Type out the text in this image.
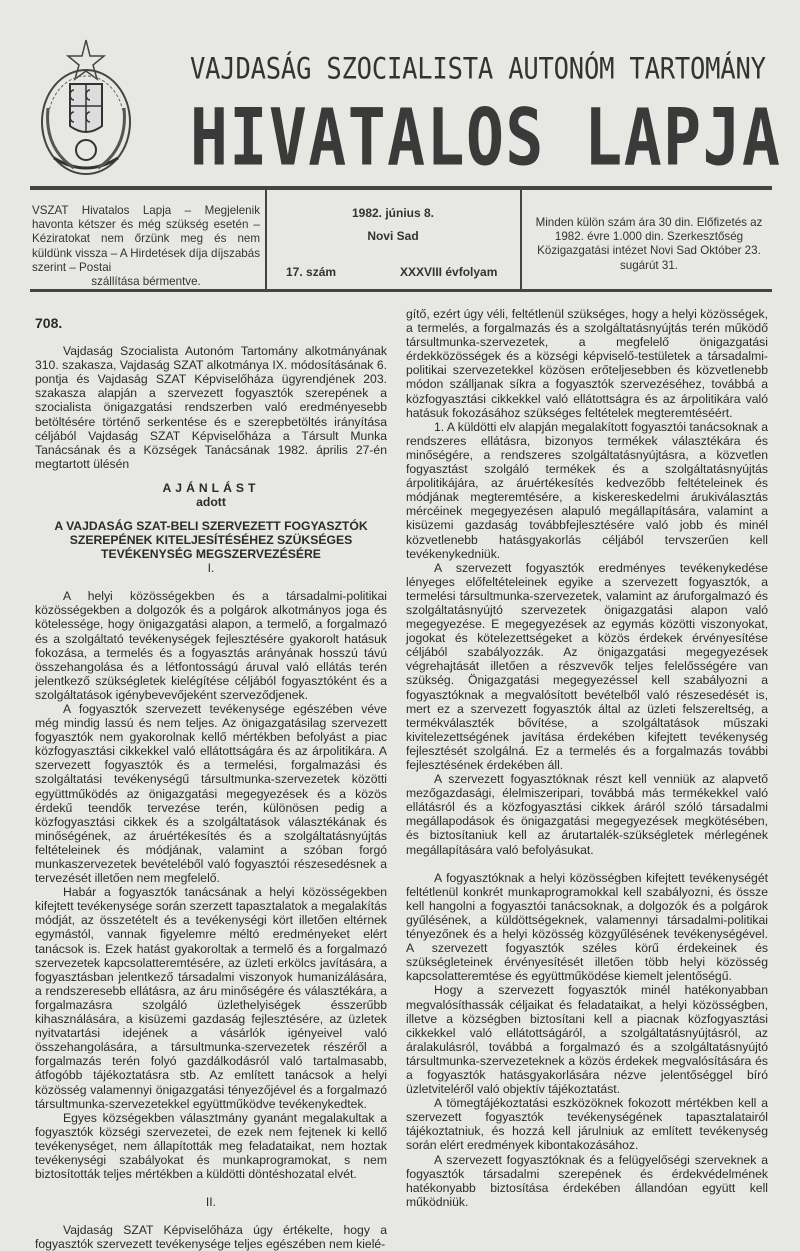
VAJDASÁG SZOCIALISTA AUTONÓM TARTOMÁNY
HIVATALOS LAPJA
VSZAT Hivatalos Lapja – Megjelenik havonta kétszer és még szükség esetén – Kéziratokat nem őrzünk meg és nem küldünk vissza – A Hirdetések díja díjszabás szerint – Postai
szállítása bérmentve.
1982. június 8.
Novi Sad
17. szám	XXXVIII évfolyam
Minden külön szám ára 30 din. Előfizetés az 1982. évre 1.000 din. Szerkesztőség Közigazgatási intézet Novi Sad Október 23. sugárút 31.
708.

Vajdaság Szocialista Autonóm Tartomány alkotmányának 310. szakasza, Vajdaság SZAT alkotmánya IX. módosításának 6. pontja és Vajdaság SZAT Képviselőháza ügyrendjének 203. szakasza alapján a szervezett fogyasztók szerepének a szocialista önigazgatási rendszerben való eredményesebb betöltésére történő serkentése és e szerepbetöltés irányítása céljából Vajdaság SZAT Képviselőháza a Társult Munka Tanácsának és a Községek Tanácsának 1982. április 27-én megtartott ülésén

AJÁNLÁST

adott

A VAJDASÁG SZAT-BELI SZERVEZETT FOGYASZTÓK

SZEREPÉNEK KITELJESÍTÉSÉHEZ SZÜKSÉGES

TEVÉKENYSÉG MEGSZERVEZÉSÉRE

I.

A helyi közösségekben és a társadalmi-politikai közösségekben a dolgozók és a polgárok alkotmányos joga és kötelessége, hogy önigazgatási alapon, a termelő, a forgalmazó és a szolgáltató tevékenységek fejlesztésére gyakorolt hatásuk fokozása, a termelés és a fogyasztás arányának hosszú távú összehangolása és a létfontosságú áruval való ellátás terén jelentkező szükségletek kielégítése céljából fogyasztóként és a szolgáltatások igénybevevőjeként szerveződjenek.

A fogyasztók szervezett tevékenysége egészében véve még mindig lassú és nem teljes. Az önigazgatásilag szervezett fogyasztók nem gyakorolnak kellő mértékben befolyást a piac közfogyasztási cikkekkel való ellátottságára és az árpolitikára. A szervezett fogyasztók és a termelési, forgalmazási és szolgáltatási tevékenységű társultmunka-szervezetek közötti együttműködés az önigazgatási megegyezések és a közös érdekű teendők tervezése terén, különösen pedig a közfogyasztási cikkek és a szolgáltatások választékának és minőségének, az áruértékesítés és a szolgáltatásnyújtás feltételeinek és módjának, valamint a szóban forgó munkaszervezetek bevételéből való fogyasztói részesedésnek a tervezését illetően nem megfelelő.

Habár a fogyasztók tanácsának a helyi közösségekben kifejtett tevékenysége során szerzett tapasztalatok a megalakítás módját, az összetételt és a tevékenységi kört illetően eltérnek egymástól, vannak figyelemre méltó eredményeket elért tanácsok is. Ezek hatást gyakoroltak a termelő és a forgalmazó szervezetek kapcsolatteremtésére, az üzleti erkölcs javítására, a fogyasztásban jelentkező társadalmi viszonyok humanizálására, a rendszeresebb ellátásra, az áru minőségére és választékára, a forgalmazásra szolgáló üzlethelyiségek ésszerűbb kihasználására, a kisüzemi gazdaság fejlesztésére, az üzletek nyitvatartási idejének a vásárlók igényeivel való összehangolására, a társultmunka-szervezetek részéről a forgalmazás terén folyó gazdálkodásról való tartalmasabb, átfogóbb tájékoztatásra stb. Az említett tanácsok a helyi közösség valamennyi önigazgatási tényezőjével és a forgalmazó társultmunka-szervezetekkel együttműködve tevékenykedtek.

Egyes községekben választmány gyanánt megalakultak a fogyasztók községi szervezetei, de ezek nem fejtenek ki kellő tevékenységet, nem állapították meg feladataikat, nem hoztak tevékenységi szabályokat és munkaprogramokat, s nem biztosították teljes mértékben a küldötti döntéshozatal elvét.

II.

Vajdaság SZAT Képviselőháza úgy értékelte, hogy a fogyasztók szervezett tevékenysége teljes egészében nem kielé-

gítő, ezért úgy véli, feltétlenül szükséges, hogy a helyi közösségek, a termelés, a forgalmazás és a szolgáltatásnyújtás terén működő társultmunka-szervezetek, a megfelelő önigazgatási érdekközösségek és a községi képviselő-testületek a társadalmi-politikai szervezetekkel közösen erőteljesebben és közvetlenebb módon szálljanak síkra a fogyasztók szervezéséhez, továbbá a közfogyasztási cikkekkel való ellátottságra és az árpolitikára való hatásuk fokozásához szükséges feltételek megteremtéséért.

1. A küldötti elv alapján megalakított fogyasztói tanácsoknak a rendszeres ellátásra, bizonyos termékek választékára és minőségére, a rendszeres szolgáltatásnyújtásra, a közvetlen fogyasztást szolgáló termékek és a szolgáltatásnyújtás árpolitikájára, az áruértékesítés kedvezőbb feltételeinek és módjának megteremtésére, a kiskereskedelmi árukiválasztás mércéinek megegyezésen alapuló megállapítására, valamint a kisüzemi gazdaság továbbfejlesztésére való jobb és minél közvetlenebb hatásgyakorlás céljából tervszerűen kell tevékenykedniük.

A szervezett fogyasztók eredményes tevékenykedése lényeges előfeltételeinek egyike a szervezett fogyasztók, a termelési társultmunka-szervezetek, valamint az áruforgalmazó és szolgáltatásnyújtó szervezetek önigazgatási alapon való megegyezése. E megegyezések az egymás közötti viszonyokat, jogokat és kötelezettségeket a közös érdekek érvényesítése céljából szabályozzák. Az önigazgatási megegyezések végrehajtását illetően a részvevők teljes felelősségére van szükség. Önigazgatási megegyezéssel kell szabályozni a fogyasztóknak a megvalósított bevételből való részesedését is, mert ez a szervezett fogyasztók által az üzleti felszereltség, a termékválaszték bővítése, a szolgáltatások műszaki kivitelezettségének javítása érdekében kifejtett tevékenység fejlesztését szolgálná. Ez a termelés és a forgalmazás további fejlesztésének érdekében áll.

A szervezett fogyasztóknak részt kell venniük az alapvető mezőgazdasági, élelmiszeripari, továbbá más termékekkel való ellátásról és a közfogyasztási cikkek áráról szóló társadalmi megállapodások és önigazgatási megegyezések megkötésében, és biztosítaniuk kell az árutartalék-szükségletek mérlegének megállapítására való befolyásukat.

A fogyasztóknak a helyi közösségben kifejtett tevékenységét feltétlenül konkrét munkaprogramokkal kell szabályozni, és össze kell hangolni a fogyasztói tanácsoknak, a dolgozók és a polgárok gyűlésének, a küldöttségeknek, valamennyi társadalmi-politikai tényezőnek és a helyi közösség közgyűlésének tevékenységével. A szervezett fogyasztók széles körű érdekeinek és szükségleteinek érvényesítését illetően több helyi közösség kapcsolatteremtése és együttműködése kiemelt jelentőségű.

Hogy a szervezett fogyasztók minél hatékonyabban megvalósíthassák céljaikat és feladataikat, a helyi közösségben, illetve a községben biztosítani kell a piacnak közfogyasztási cikkekkel való ellátottságáról, a szolgáltatásnyújtásról, az áralakulásról, továbbá a forgalmazó és a szolgáltatásnyújtó társultmunka-szervezeteknek a közös érdekek megvalósítására és a fogyasztók hatásgyakorlására nézve jelentőséggel bíró üzletviteléről való objektív tájékoztatást.

A tömegtájékoztatási eszközöknek fokozott mértékben kell a szervezett fogyasztók tevékenységének tapasztalatairól tájékoztatniuk, és hozzá kell járulniuk az említett tevékenység során elért eredmények kibontakozásához.

A szervezett fogyasztóknak és a felügyelőségi szerveknek a fogyasztók társadalmi szerepének és érdekvédelmének hatékonyabb biztosítása érdekében állandóan együtt kell működniük.
